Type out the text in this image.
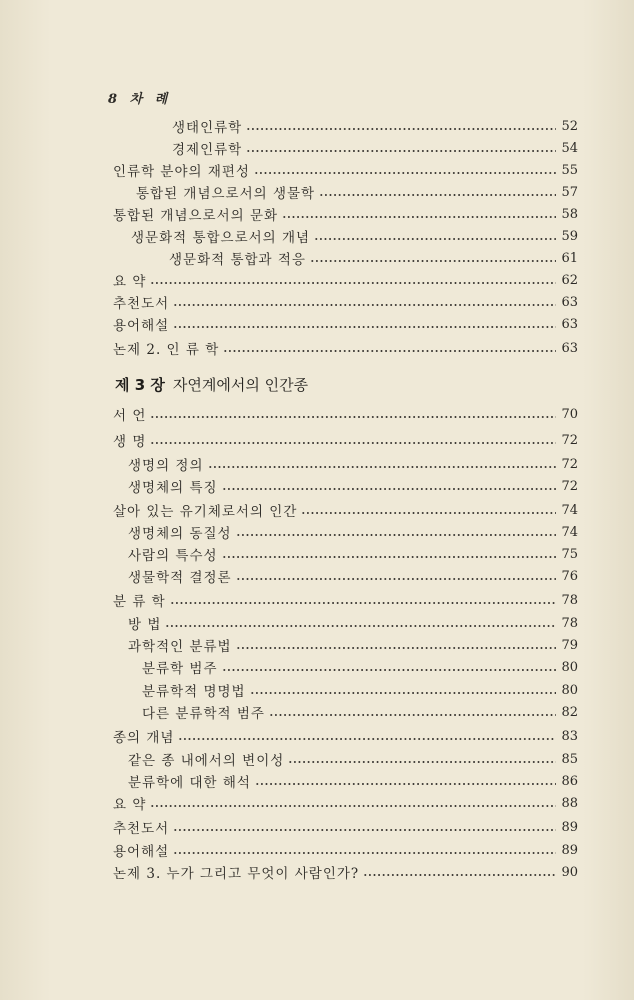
8 차 례
제 3 장 자연계에서의 인간종
생태인류학	52
경제인류학	54
인류학 분야의 재편성	55
통합된 개념으로서의 생물학	57
통합된 개념으로서의 문화	58
생문화적 통합으로서의 개념	59
생문화적 통합과 적응	61
요 약	62
추천도서	63
용어해설	63
논제 2. 인 류 학	63
서 언	70
생 명	72
생명의 정의	72
생명체의 특징	72
살아 있는 유기체로서의 인간	74
생명체의 동질성	74
사람의 특수성	75
생물학적 결정론	76
분 류 학	78
방 법	78
과학적인 분류법	79
분류학 범주	80
분류학적 명명법	80
다른 분류학적 범주	82
종의 개념	83
같은 종 내에서의 변이성	85
분류학에 대한 해석	86
요 약	88
추천도서	89
용어해설	89
논제 3. 누가 그리고 무엇이 사람인가?	90
